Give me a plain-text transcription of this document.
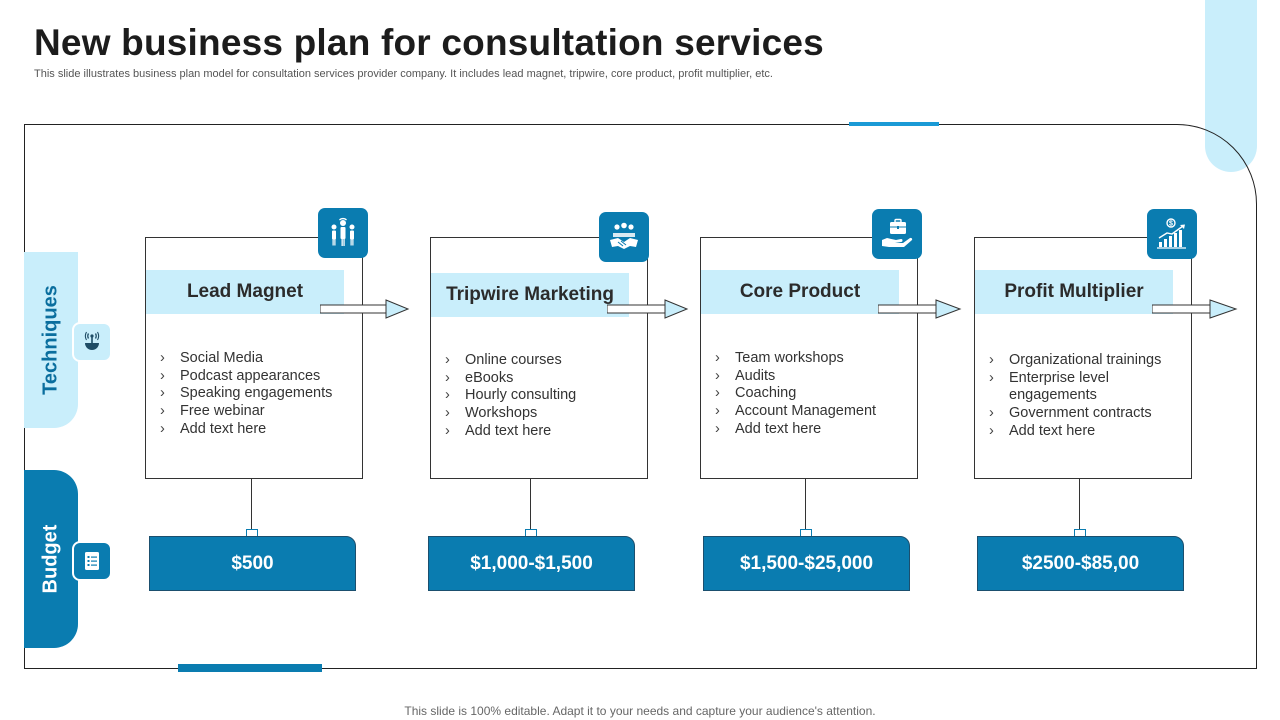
New business plan for consultation services
This slide illustrates business plan model for consultation services provider company. It includes lead magnet, tripwire, core product, profit multiplier, etc.
Techniques
Budget
Lead Magnet
› Social Media
› Podcast appearances
› Speaking engagements
› Free webinar
› Add text here
$500
Tripwire Marketing
› Online courses
› eBooks
› Hourly consulting
› Workshops
› Add text here
$1,000-$1,500
Core Product
› Team workshops
› Audits
› Coaching
› Account Management
› Add text here
$1,500-$25,000
Profit Multiplier
› Organizational trainings
› Enterprise level engagements
› Government contracts
› Add text here
$
$2500-$85,00
This slide is 100% editable. Adapt it to your needs and capture your audience's attention.
